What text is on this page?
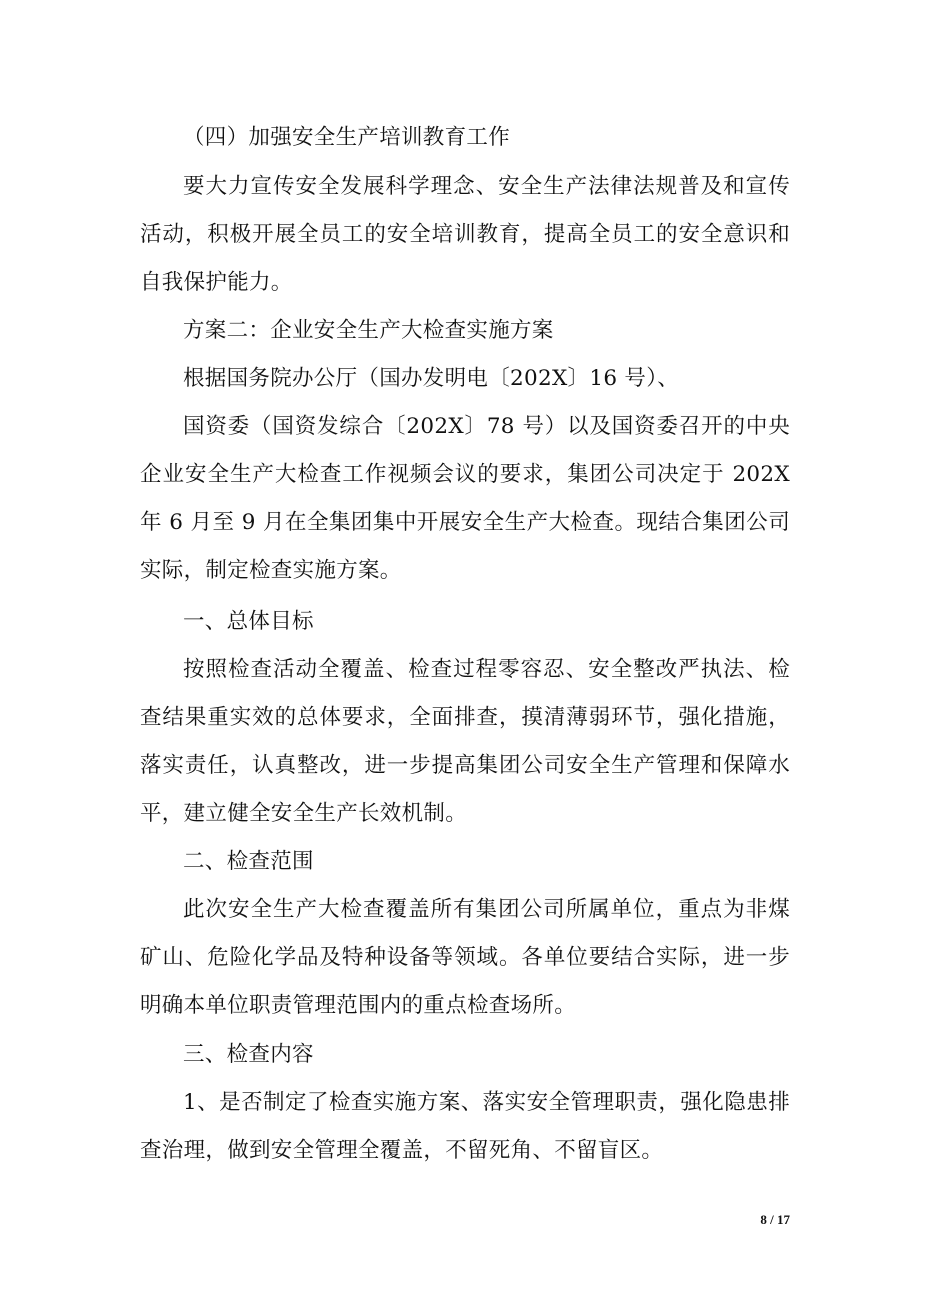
（四）加强安全生产培训教育工作

要大力宣传安全发展科学理念、安全生产法律法规普及和宣传活动，积极开展全员工的安全培训教育，提高全员工的安全意识和自我保护能力。

方案二：企业安全生产大检查实施方案

根据国务院办公厅（国办发明电〔202X〕16 号）、

国资委（国资发综合〔202X〕78 号）以及国资委召开的中央企业安全生产大检查工作视频会议的要求，集团公司决定于 202X 年 6 月至 9 月在全集团集中开展安全生产大检查。现结合集团公司实际，制定检查实施方案。

一、总体目标

按照检查活动全覆盖、检查过程零容忍、安全整改严执法、检查结果重实效的总体要求，全面排查，摸清薄弱环节，强化措施，落实责任，认真整改，进一步提高集团公司安全生产管理和保障水平，建立健全安全生产长效机制。

二、检查范围

此次安全生产大检查覆盖所有集团公司所属单位，重点为非煤矿山、危险化学品及特种设备等领域。各单位要结合实际，进一步明确本单位职责管理范围内的重点检查场所。

三、检查内容

1、是否制定了检查实施方案、落实安全管理职责，强化隐患排查治理，做到安全管理全覆盖，不留死角、不留盲区。

8 / 17
